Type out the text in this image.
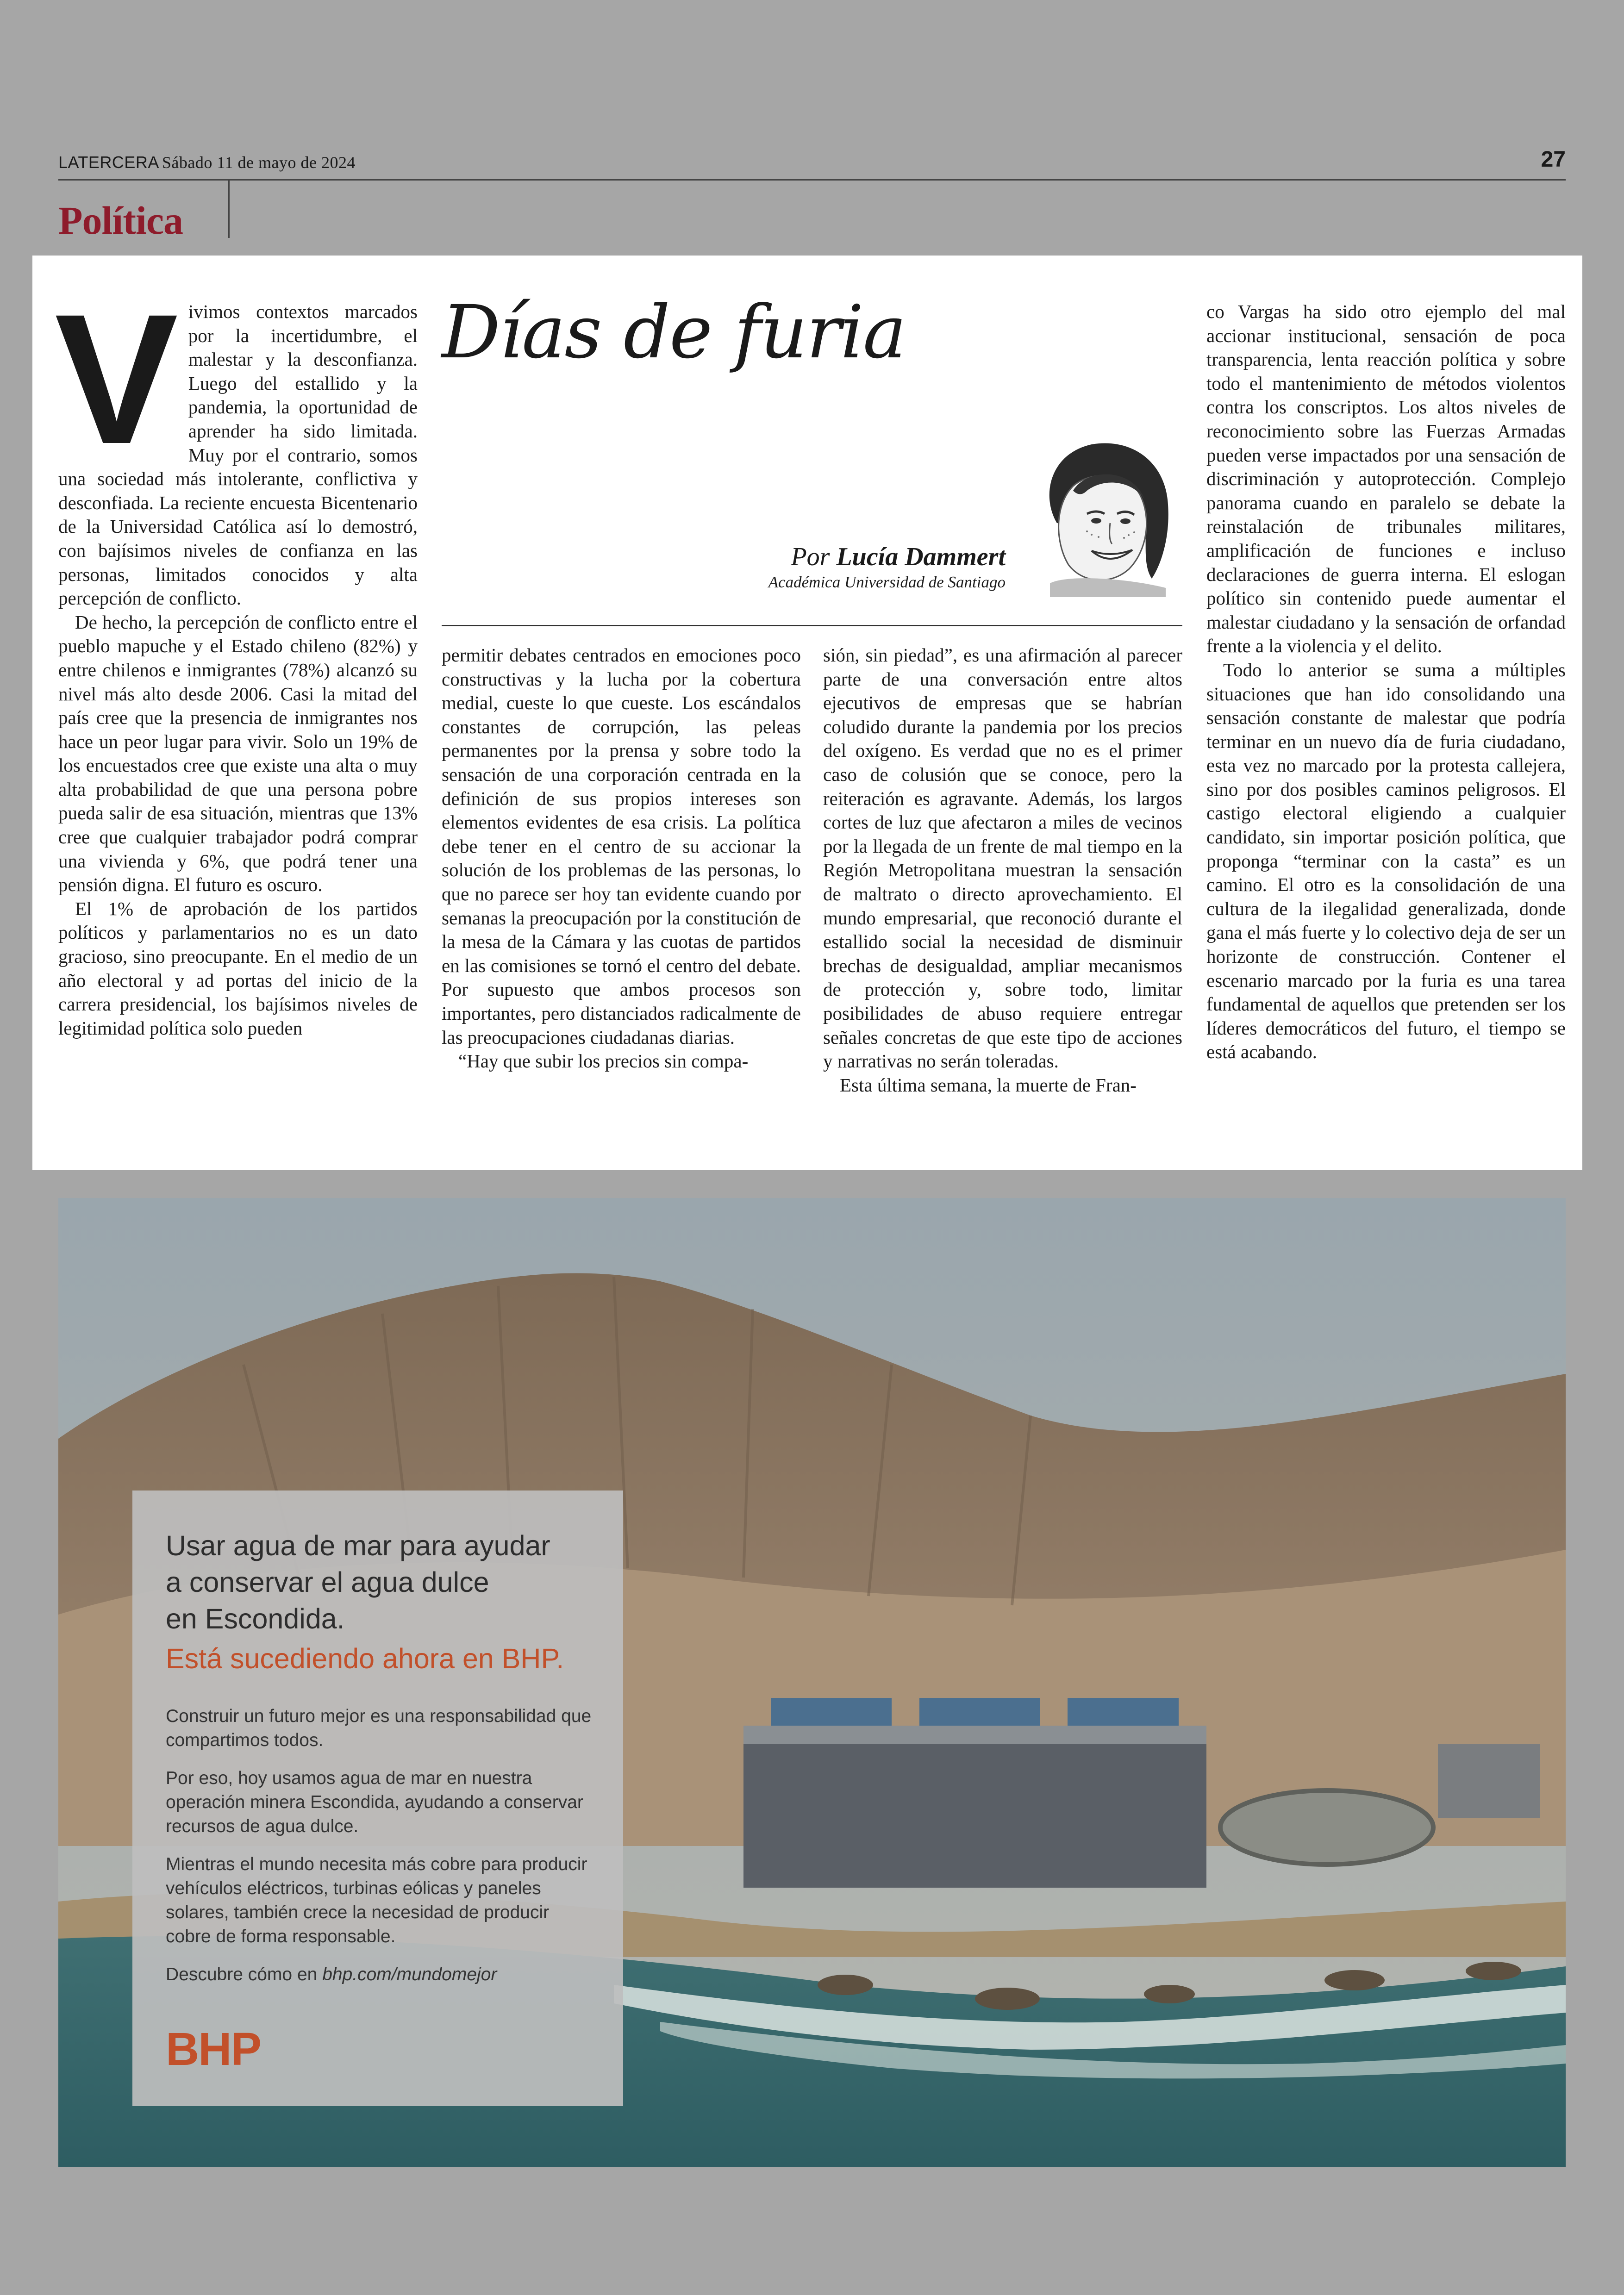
LATERCERA Sábado 11 de mayo de 2024	27
Política

Vivimos contextos marcados por la incertidumbre, el malestar y la desconfianza. Luego del estallido y la pandemia, la oportunidad de aprender ha sido limitada. Muy por el contrario, somos una sociedad más intolerante, conflictiva y desconfiada. La reciente encuesta Bicentenario de la Universidad Católica así lo demostró, con bajísimos niveles de confianza en las personas, limitados conocidos y alta percepción de conflicto.

De hecho, la percepción de conflicto entre el pueblo mapuche y el Estado chileno (82%) y entre chilenos e inmigrantes (78%) alcanzó su nivel más alto desde 2006. Casi la mitad del país cree que la presencia de inmigrantes nos hace un peor lugar para vivir. Solo un 19% de los encuestados cree que existe una alta o muy alta probabilidad de que una persona pobre pueda salir de esa situación, mientras que 13% cree que cualquier trabajador podrá comprar una vivienda y 6%, que podrá tener una pensión digna. El futuro es oscuro.

El 1% de aprobación de los partidos políticos y parlamentarios no es un dato gracioso, sino preocupante. En el medio de un año electoral y ad portas del inicio de la carrera presidencial, los bajísimos niveles de legitimidad política solo pueden

Días de furia
Por Lucía Dammert
Académica Universidad de Santiago

permitir debates centrados en emociones poco constructivas y la lucha por la cobertura medial, cueste lo que cueste. Los escándalos constantes de corrupción, las peleas permanentes por la prensa y sobre todo la sensación de una corporación centrada en la definición de sus propios intereses son elementos evidentes de esa crisis. La política debe tener en el centro de su accionar la solución de los problemas de las personas, lo que no parece ser hoy tan evidente cuando por semanas la preocupación por la constitución de la mesa de la Cámara y las cuotas de partidos en las comisiones se tornó el centro del debate. Por supuesto que ambos procesos son importantes, pero distanciados radicalmente de las preocupaciones ciudadanas diarias.

“Hay que subir los precios sin compa-

sión, sin piedad”, es una afirmación al parecer parte de una conversación entre altos ejecutivos de empresas que se habrían coludido durante la pandemia por los precios del oxígeno. Es verdad que no es el primer caso de colusión que se conoce, pero la reiteración es agravante. Además, los largos cortes de luz que afectaron a miles de vecinos por la llegada de un frente de mal tiempo en la Región Metropolitana muestran la sensación de maltrato o directo aprovechamiento. El mundo empresarial, que reconoció durante el estallido social la necesidad de disminuir brechas de desigualdad, ampliar mecanismos de protección y, sobre todo, limitar posibilidades de abuso requiere entregar señales concretas de que este tipo de acciones y narrativas no serán toleradas.

Esta última semana, la muerte de Fran-

co Vargas ha sido otro ejemplo del mal accionar institucional, sensación de poca transparencia, lenta reacción política y sobre todo el mantenimiento de métodos violentos contra los conscriptos. Los altos niveles de reconocimiento sobre las Fuerzas Armadas pueden verse impactados por una sensación de discriminación y autoprotección. Complejo panorama cuando en paralelo se debate la reinstalación de tribunales militares, amplificación de funciones e incluso declaraciones de guerra interna. El eslogan político sin contenido puede aumentar el malestar ciudadano y la sensación de orfandad frente a la violencia y el delito.

Todo lo anterior se suma a múltiples situaciones que han ido consolidando una sensación constante de malestar que podría terminar en un nuevo día de furia ciudadano, esta vez no marcado por la protesta callejera, sino por dos posibles caminos peligrosos. El castigo electoral eligiendo a cualquier candidato, sin importar posición política, que proponga “terminar con la casta” es un camino. El otro es la consolidación de una cultura de la ilegalidad generalizada, donde gana el más fuerte y lo colectivo deja de ser un horizonte de construcción. Contener el escenario marcado por la furia es una tarea fundamental de aquellos que pretenden ser los líderes democráticos del futuro, el tiempo se está acabando.

Usar agua de mar para ayudar
a conservar el agua dulce
en Escondida.
Está sucediendo ahora en BHP.

Construir un futuro mejor es una responsabilidad que compartimos todos.

Por eso, hoy usamos agua de mar en nuestra operación minera Escondida, ayudando a conservar recursos de agua dulce.

Mientras el mundo necesita más cobre para producir vehículos eléctricos, turbinas eólicas y paneles solares, también crece la necesidad de producir cobre de forma responsable.

Descubre cómo en bhp.com/mundomejor

BHP
